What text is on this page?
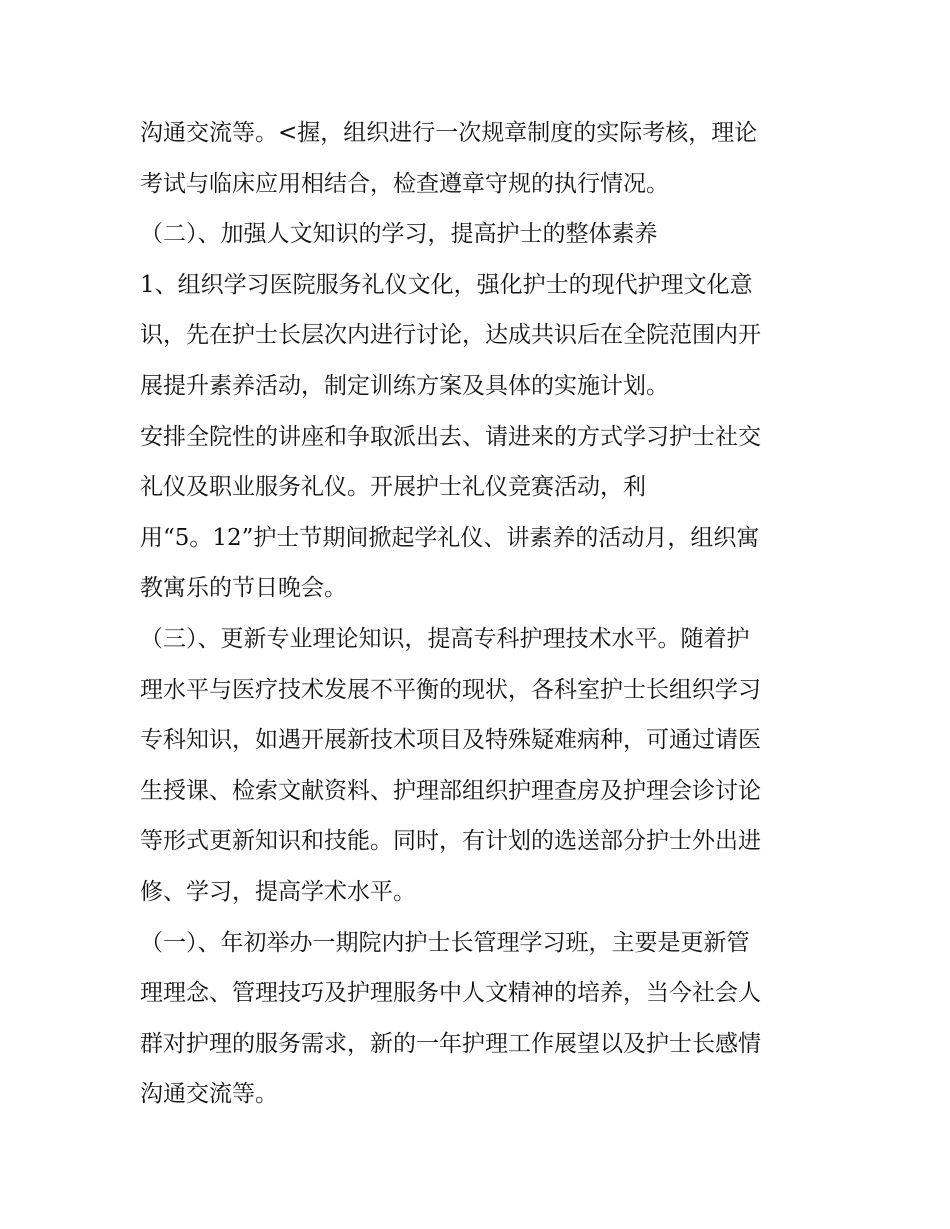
沟通交流等。<握，组织进行一次规章制度的实际考核，理论
考试与临床应用相结合，检查遵章守规的执行情况。
（二）、加强人文知识的学习，提高护士的整体素养
1、组织学习医院服务礼仪文化，强化护士的现代护理文化意
识，先在护士长层次内进行讨论，达成共识后在全院范围内开
展提升素养活动，制定训练方案及具体的实施计划。
安排全院性的讲座和争取派出去、请进来的方式学习护士社交
礼仪及职业服务礼仪。开展护士礼仪竞赛活动，利
用“5。12”护士节期间掀起学礼仪、讲素养的活动月，组织寓
教寓乐的节日晚会。
（三）、更新专业理论知识，提高专科护理技术水平。随着护
理水平与医疗技术发展不平衡的现状，各科室护士长组织学习
专科知识，如遇开展新技术项目及特殊疑难病种，可通过请医
生授课、检索文献资料、护理部组织护理查房及护理会诊讨论
等形式更新知识和技能。同时，有计划的选送部分护士外出进
修、学习，提高学术水平。
（一）、年初举办一期院内护士长管理学习班，主要是更新管
理理念、管理技巧及护理服务中人文精神的培养，当今社会人
群对护理的服务需求，新的一年护理工作展望以及护士长感情
沟通交流等。
